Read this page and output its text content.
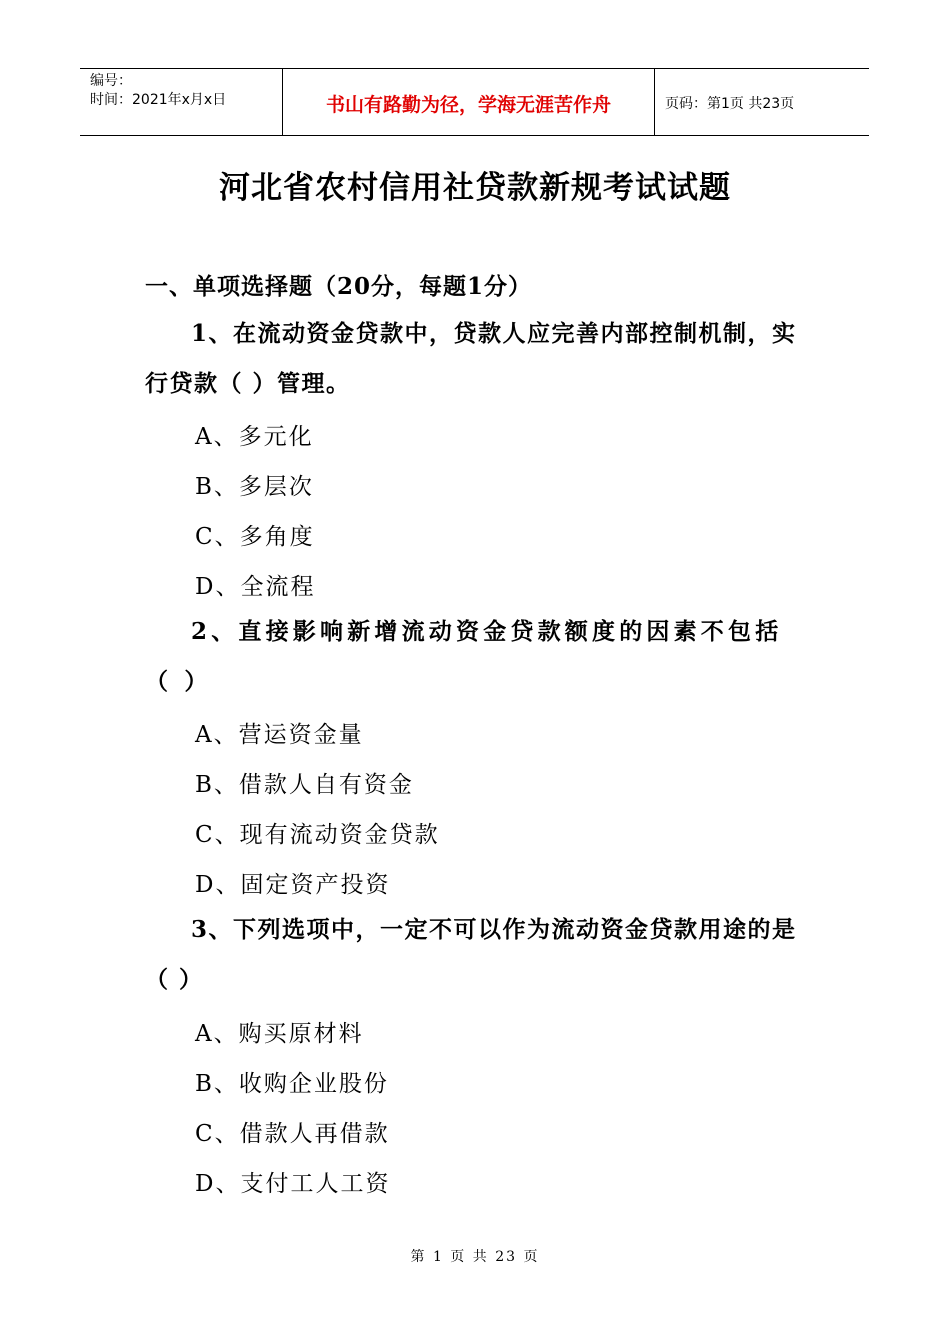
编号：
时间：2021年x月x日	书山有路勤为径，学海无涯苦作舟	页码：第1页 共23页
河北省农村信用社贷款新规考试试题
一、单项选择题（20分，每题1分）
1、在流动资金贷款中，贷款人应完善内部控制机制，实行贷款（ ）管理。
A、多元化
B、多层次
C、多角度
D、全流程
2、直接影响新增流动资金贷款额度的因素不包括（ ）
A、营运资金量
B、借款人自有资金
C、现有流动资金贷款
D、固定资产投资
3、下列选项中，一定不可以作为流动资金贷款用途的是（ ）
A、购买原材料
B、收购企业股份
C、借款人再借款
D、支付工人工资
第 1 页 共 23 页
